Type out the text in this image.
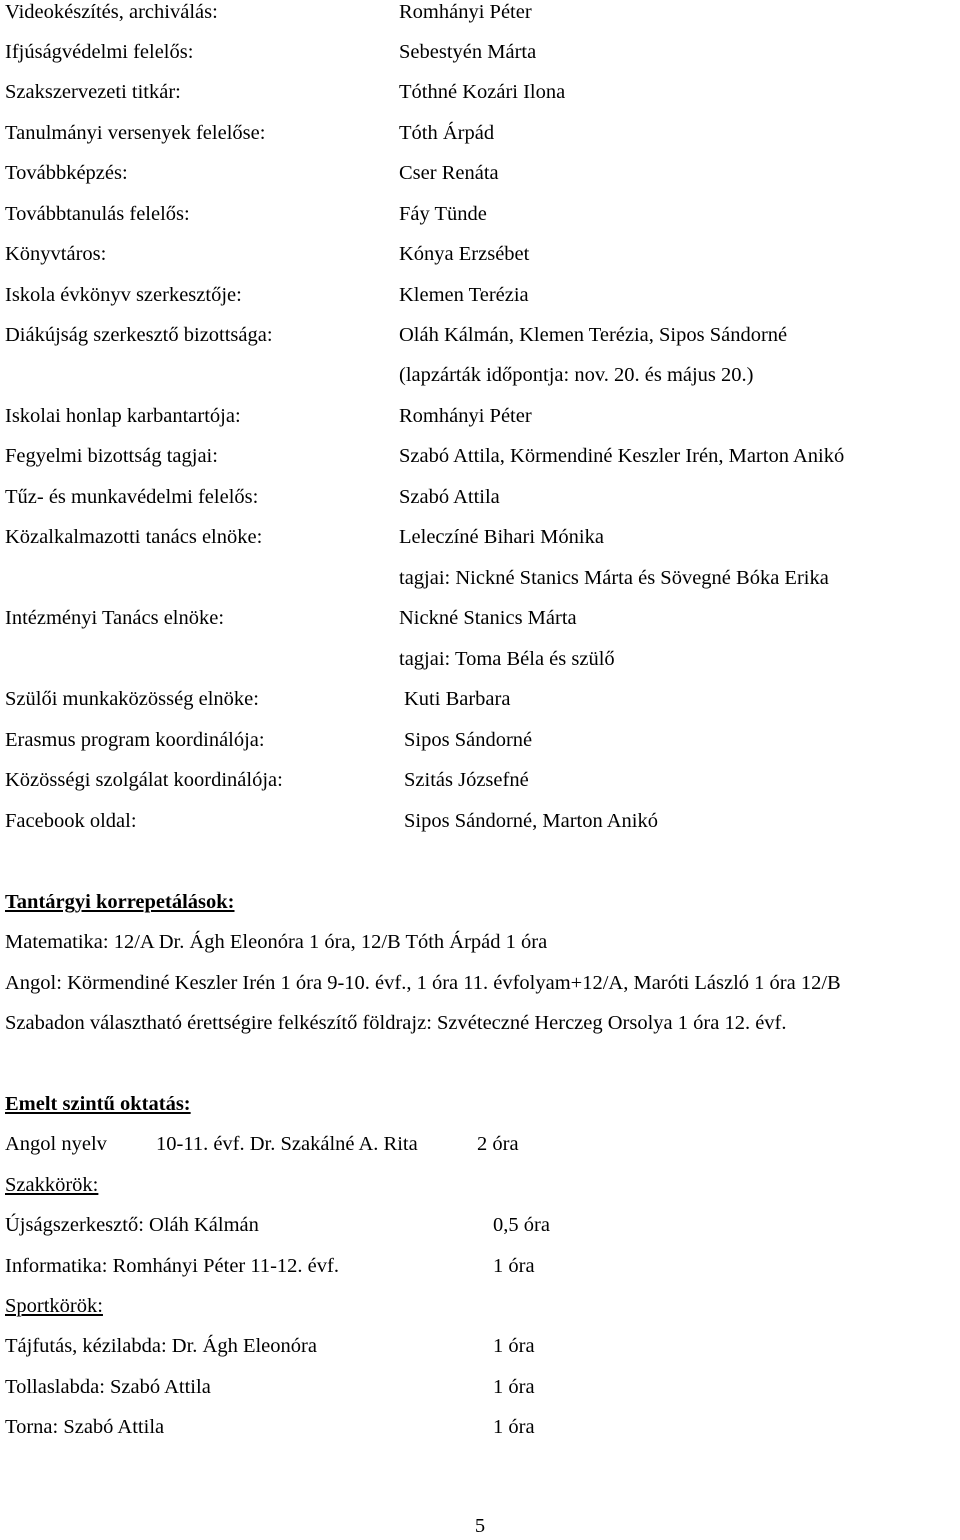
Videokészítés, archiválás:	Romhányi Péter
Ifjúságvédelmi felelős:	Sebestyén Márta
Szakszervezeti titkár:	Tóthné Kozári Ilona
Tanulmányi versenyek felelőse:	Tóth Árpád
Továbbképzés:	Cser Renáta
Továbbtanulás felelős:	Fáy Tünde
Könyvtáros:	Kónya Erzsébet
Iskola évkönyv szerkesztője:	Klemen Terézia
Diákújság szerkesztő bizottsága:	Oláh Kálmán, Klemen Terézia, Sipos Sándorné
(lapzárták időpontja: nov. 20. és május 20.)
Iskolai honlap karbantartója:	Romhányi Péter
Fegyelmi bizottság tagjai:	Szabó Attila, Körmendiné Keszler Irén, Marton Anikó
Tűz- és munkavédelmi felelős:	Szabó Attila
Közalkalmazotti tanács elnöke:	Leleczíné Bihari Mónika
tagjai: Nickné Stanics Márta és Sövegné Bóka Erika
Intézményi Tanács elnöke:	Nickné Stanics Márta
tagjai: Toma Béla és szülő
Szülői munkaközösség elnöke:	Kuti Barbara
Erasmus program koordinálója:	Sipos Sándorné
Közösségi szolgálat koordinálója:	Szitás Józsefné
Facebook oldal:	Sipos Sándorné, Marton Anikó
Tantárgyi korrepetálások:
Matematika: 12/A Dr. Ágh Eleonóra 1 óra, 12/B Tóth Árpád 1 óra
Angol: Körmendiné Keszler Irén 1 óra 9-10. évf., 1 óra 11. évfolyam+12/A, Maróti László 1 óra 12/B
Szabadon választható érettségire felkészítő földrajz: Szvéteczné Herczeg Orsolya 1 óra 12. évf.
Emelt szintű oktatás:
Angol nyelv 10-11. évf. Dr. Szakálné A. Rita	2 óra
Szakkörök:
Újságszerkesztő: Oláh Kálmán	0,5 óra
Informatika: Romhányi Péter 11-12. évf.	1 óra
Sportkörök:
Tájfutás, kézilabda: Dr. Ágh Eleonóra	1 óra
Tollaslabda: Szabó Attila	1 óra
Torna: Szabó Attila	1 óra
5
